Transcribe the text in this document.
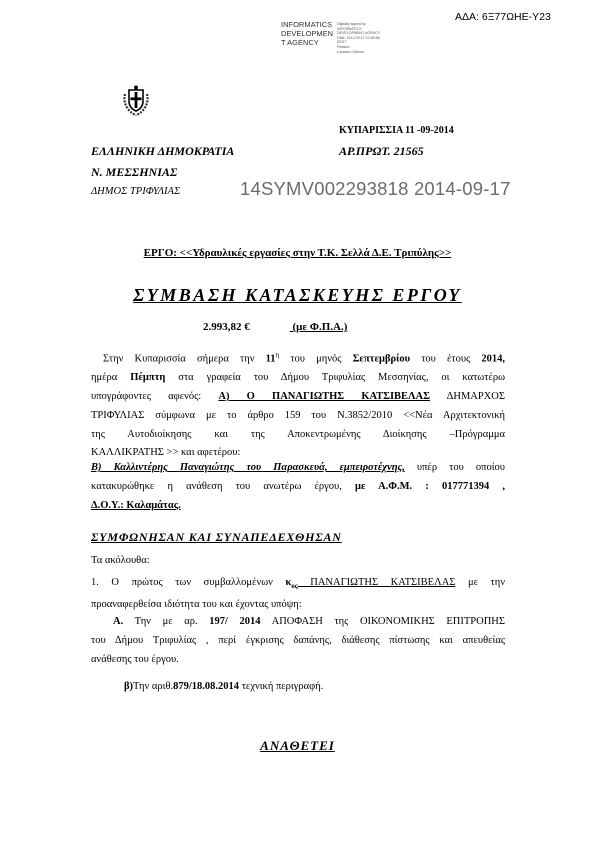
INFORMATICS
DEVELOPMEN
T AGENCY
Digitally signed by
INFORMATICS
DEVELOPMENT AGENCY
Date: 2014.09.17 10:56:58
EEST
Reason:
Location: Athens
ΑΔΑ: 6Ξ77ΩΗΕ-Υ23
ΚΥΠΑΡΙΣΣΙΑ 11 -09-2014
ΕΛΛΗΝΙΚΗ ΔΗΜΟΚΡΑΤΙΑ	ΑΡ.ΠΡΩΤ. 21565
Ν. ΜΕΣΣΗΝΙΑΣ
ΔΗΜΟΣ ΤΡΙΦΥΛΙΑΣ	14SYMV002293818 2014-09-17
ΕΡΓΟ: <<Υδραυλικές εργασίες στην Τ.Κ. Σελλά Δ.Ε. Τριπύλης>>
ΣΥΜΒΑΣΗ ΚΑΤΑΣΚΕΥΗΣ ΕΡΓΟΥ
2.993,82 €	(με Φ.Π.Α.)
Στην Κυπαρισσία σήμερα την $11^\eta$ του μηνός Σεπτεμβρίου του έτους 2014,
ημέρα Πέμπτη στα γραφεία του Δήμου Τριφυλίας Μεσσηνίας, οι κατωτέρω
υπογράφοντες αφενός: Α) Ο ΠΑΝΑΓΙΩΤΗΣ ΚΑΤΣΙΒΕΛΑΣ ΔΗΜΑΡΧΟΣ
ΤΡΙΦΥΛΙΑΣ σύμφωνα με το άρθρο 159 του Ν.3852/2010 <<Νέα Αρχιτεκτονική
της Αυτοδιοίκησης και της Αποκεντρωμένης Διοίκησης –Πρόγραμμα
ΚΑΛΛΙΚΡΑΤΗΣ >> και αφετέρου:
Β) Καλλιντέρης Παναγιώτης του Παρασκευά, εμπειροτέχνης, υπέρ του οποίου
κατακυρώθηκε η ανάθεση του ανωτέρω έργου, με Α.Φ.Μ. : 017771394 ,
Δ.Ο.Υ.: Καλαμάτας.
ΣΥΜΦΩΝΗΣΑΝ ΚΑΙ ΣΥΝΑΠΕΔΕΧΘΗΣΑΝ
Τα ακόλουθα:
1. Ο πρώτος των συμβαλλομένων $\kappa_{o\varsigma}$ ΠΑΝΑΓΙΩΤΗΣ ΚΑΤΣΙΒΕΛΑΣ με την
προαναφερθείσα ιδιότητα του και έχοντας υπόψη:
Α. Την με αρ. 197/ 2014 ΑΠΟΦΑΣΗ της ΟΙΚΟΝΟΜΙΚΗΣ ΕΠΙΤΡΟΠΗΣ
του Δήμου Τριφυλίας , περί έγκρισης δαπάνης, διάθεσης πίστωσης και απευθείας
ανάθεσης του έργου.
β)Την αριθ.879/18.08.2014 τεχνική περιγραφή.
ΑΝΑΘΕΤΕΙ
